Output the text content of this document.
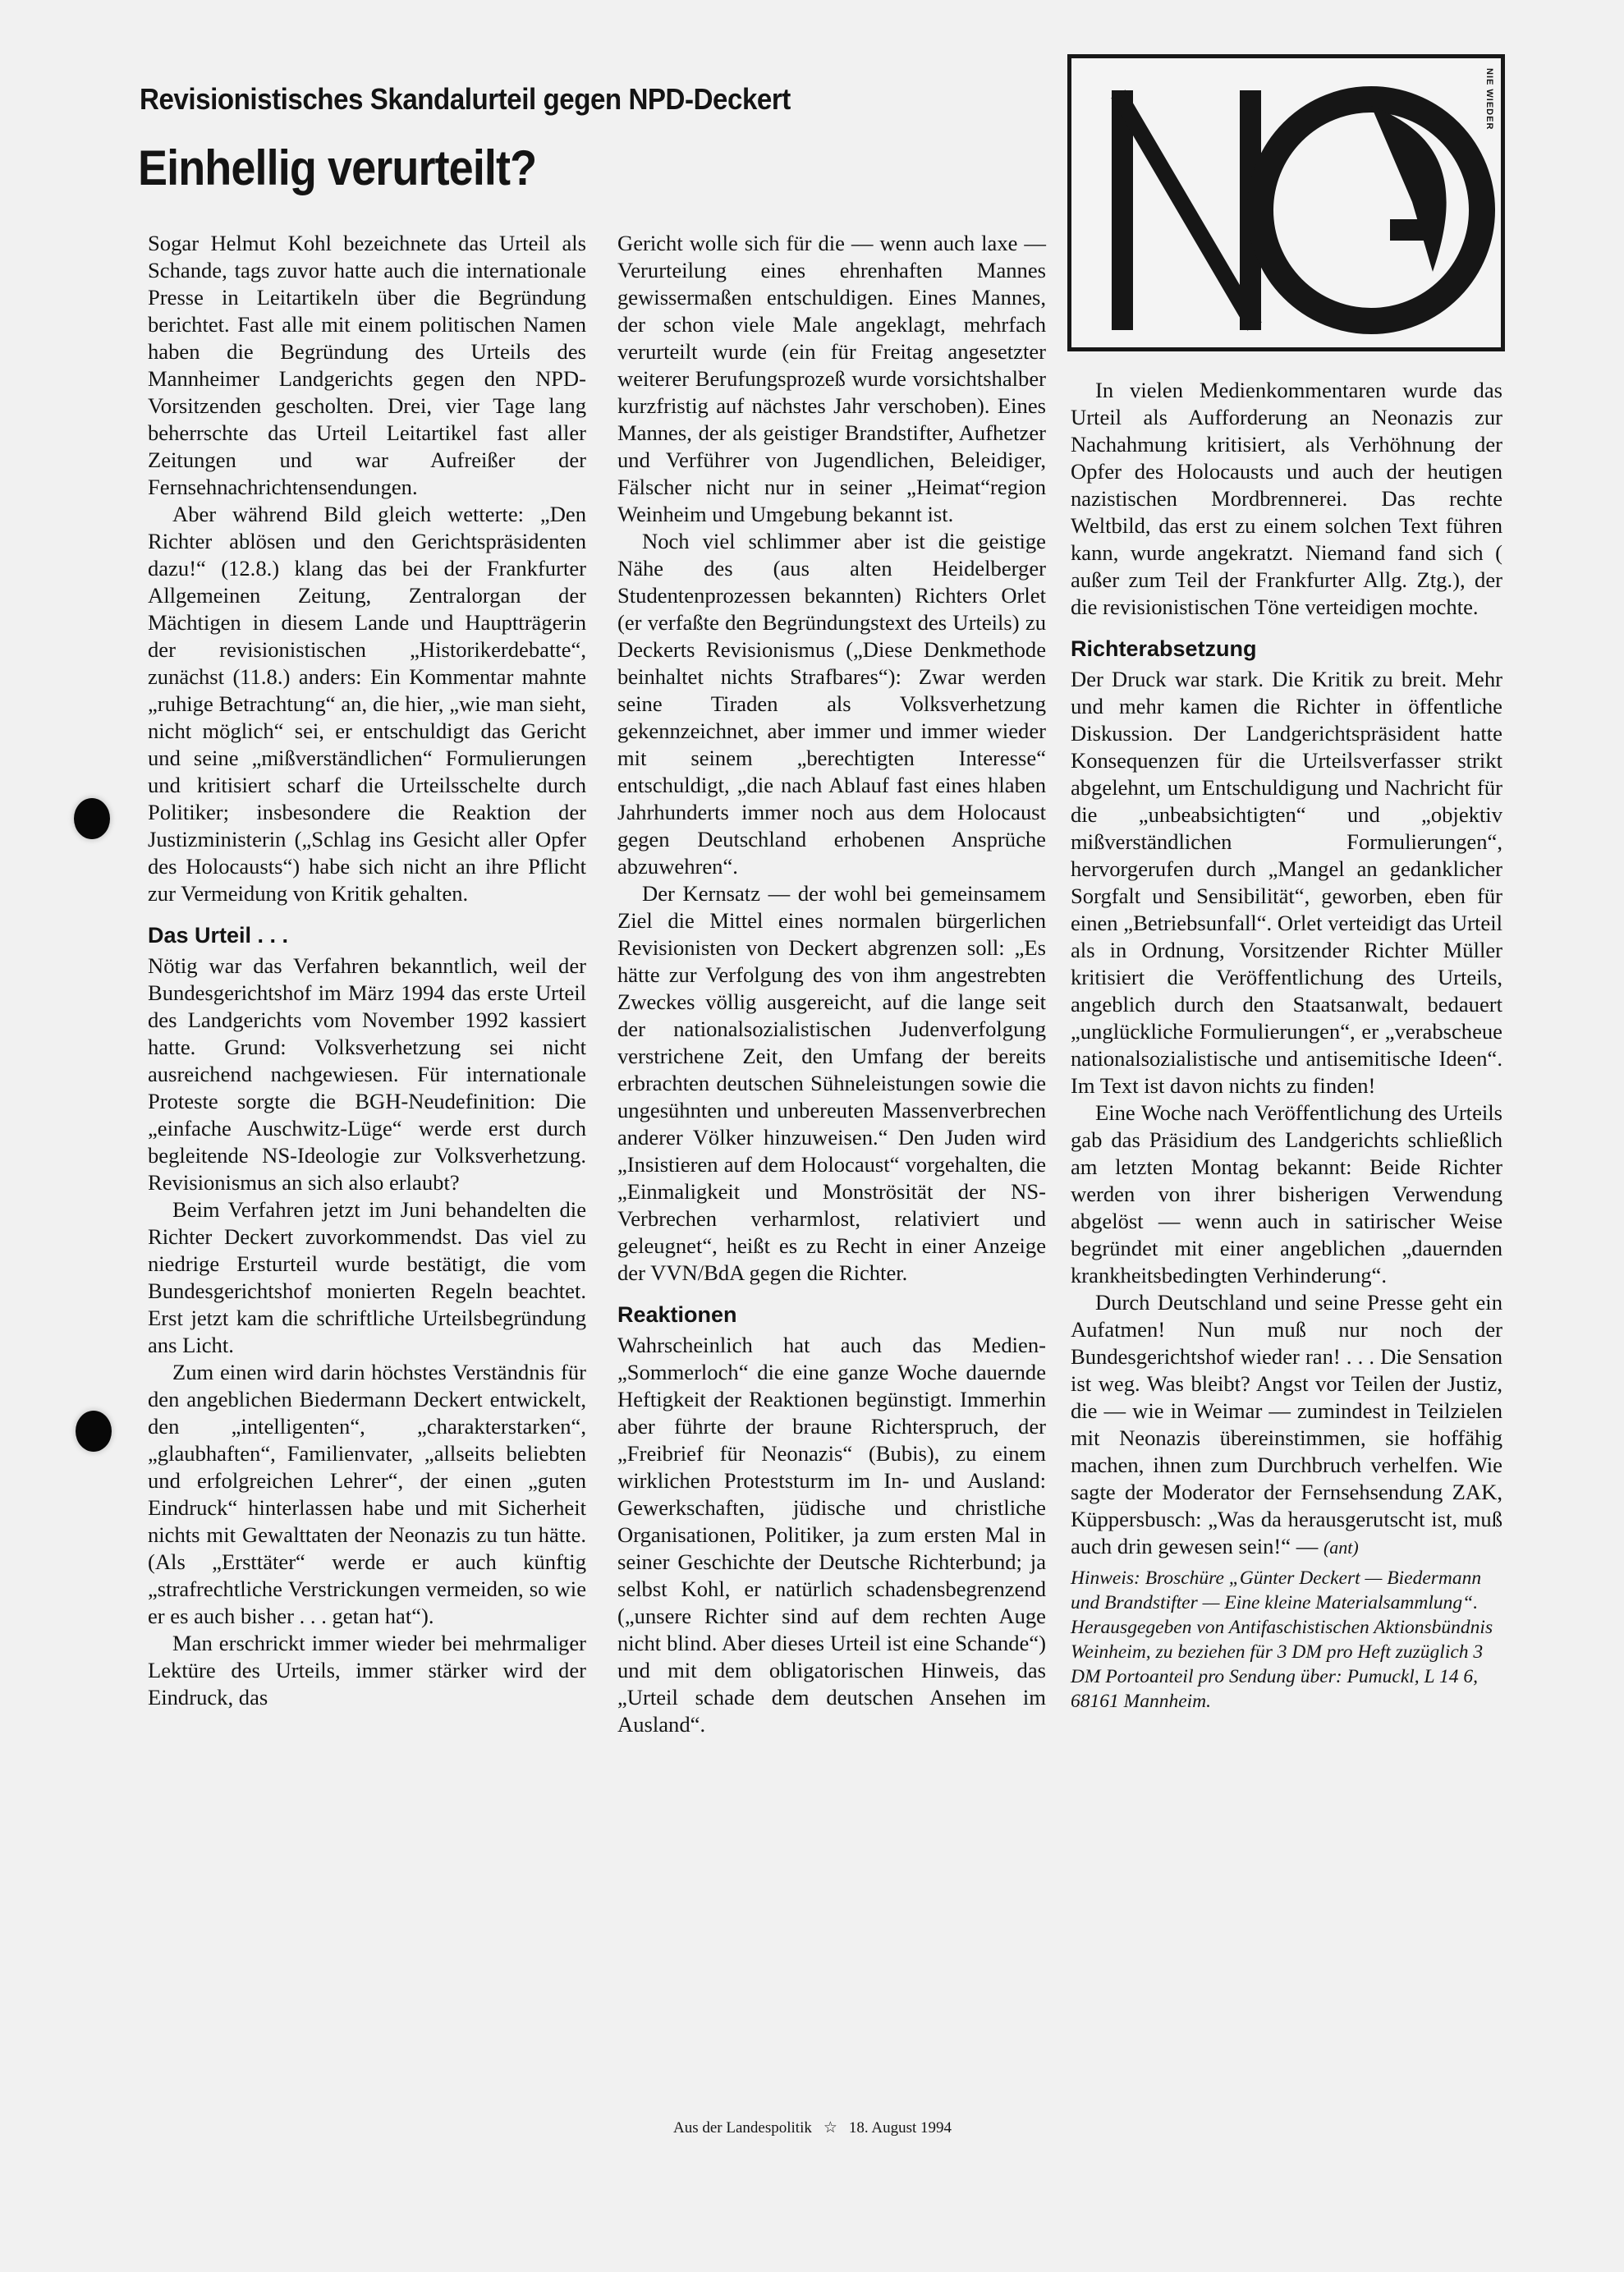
Revisionistisches Skandalurteil gegen NPD-Deckert
Einhellig verurteilt?

Sogar Helmut Kohl bezeichnete das Urteil als Schande, tags zuvor hatte auch die internationale Presse in Leitartikeln über die Begründung berichtet. Fast alle mit einem politischen Namen haben die Begründung des Urteils des Mannheimer Landgerichts gegen den NPD-Vorsitzenden gescholten. Drei, vier Tage lang beherrschte das Urteil Leitartikel fast aller Zeitungen und war Aufreißer der Fernsehnachrichtensendungen.

Aber während Bild gleich wetterte: „Den Richter ablösen und den Gerichtspräsidenten dazu!“ (12.8.) klang das bei der Frankfurter Allgemeinen Zeitung, Zentralorgan der Mächtigen in diesem Lande und Hauptträgerin der revisionistischen „Historikerdebatte“, zunächst (11.8.) anders: Ein Kommentar mahnte „ruhige Betrachtung“ an, die hier, „wie man sieht, nicht möglich“ sei, er entschuldigt das Gericht und seine „mißverständlichen“ Formulierungen und kritisiert scharf die Urteilsschelte durch Politiker; insbesondere die Reaktion der Justizministerin („Schlag ins Gesicht aller Opfer des Holocausts“) habe sich nicht an ihre Pflicht zur Vermeidung von Kritik gehalten.

Das Urteil . . .

Nötig war das Verfahren bekanntlich, weil der Bundesgerichtshof im März 1994 das erste Urteil des Landgerichts vom November 1992 kassiert hatte. Grund: Volksverhetzung sei nicht ausreichend nachgewiesen. Für internationale Proteste sorgte die BGH-Neudefinition: Die „einfache Auschwitz-Lüge“ werde erst durch begleitende NS-Ideologie zur Volksverhetzung. Revisionismus an sich also erlaubt?

Beim Verfahren jetzt im Juni behandelten die Richter Deckert zuvorkommendst. Das viel zu niedrige Ersturteil wurde bestätigt, die vom Bundesgerichtshof monierten Regeln beachtet. Erst jetzt kam die schriftliche Urteilsbegründung ans Licht.

Zum einen wird darin höchstes Verständnis für den angeblichen Biedermann Deckert entwickelt, den „intelligenten“, „charakterstarken“, „glaubhaften“, Familienvater, „allseits beliebten und erfolgreichen Lehrer“, der einen „guten Eindruck“ hinterlassen habe und mit Sicherheit nichts mit Gewalttaten der Neonazis zu tun hätte. (Als „Ersttäter“ werde er auch künftig „strafrechtliche Verstrickungen vermeiden, so wie er es auch bisher . . . getan hat“).

Man erschrickt immer wieder bei mehrmaliger Lektüre des Urteils, immer stärker wird der Eindruck, das

Gericht wolle sich für die — wenn auch laxe — Verurteilung eines ehrenhaften Mannes gewissermaßen entschuldigen. Eines Mannes, der schon viele Male angeklagt, mehrfach verurteilt wurde (ein für Freitag angesetzter weiterer Berufungsprozeß wurde vorsichtshalber kurzfristig auf nächstes Jahr verschoben). Eines Mannes, der als geistiger Brandstifter, Aufhetzer und Verführer von Jugendlichen, Beleidiger, Fälscher nicht nur in seiner „Heimat“region Weinheim und Umgebung bekannt ist.

Noch viel schlimmer aber ist die geistige Nähe des (aus alten Heidelberger Studentenprozessen bekannten) Richters Orlet (er verfaßte den Begründungstext des Urteils) zu Deckerts Revisionismus („Diese Denkmethode beinhaltet nichts Strafbares“): Zwar werden seine Tiraden als Volksverhetzung gekennzeichnet, aber immer und immer wieder mit seinem „berechtigten Interesse“ entschuldigt, „die nach Ablauf fast eines hlaben Jahrhunderts immer noch aus dem Holocaust gegen Deutschland erhobenen Ansprüche abzuwehren“.

Der Kernsatz — der wohl bei gemeinsamem Ziel die Mittel eines normalen bürgerlichen Revisionisten von Deckert abgrenzen soll: „Es hätte zur Verfolgung des von ihm angestrebten Zweckes völlig ausgereicht, auf die lange seit der nationalsozialistischen Judenverfolgung verstrichene Zeit, den Umfang der bereits erbrachten deutschen Sühneleistungen sowie die ungesühnten und unbereuten Massenverbrechen anderer Völker hinzuweisen.“ Den Juden wird „Insistieren auf dem Holocaust“ vorgehalten, die „Einmaligkeit und Monströsität der NS-Verbrechen verharmlost, relativiert und geleugnet“, heißt es zu Recht in einer Anzeige der VVN/BdA gegen die Richter.

Reaktionen

Wahrscheinlich hat auch das Medien-„Sommerloch“ die eine ganze Woche dauernde Heftigkeit der Reaktionen begünstigt. Immerhin aber führte der braune Richterspruch, der „Freibrief für Neonazis“ (Bubis), zu einem wirklichen Proteststurm im In- und Ausland: Gewerkschaften, jüdische und christliche Organisationen, Politiker, ja zum ersten Mal in seiner Geschichte der Deutsche Richterbund; ja selbst Kohl, er natürlich schadensbegrenzend („unsere Richter sind auf dem rechten Auge nicht blind. Aber dieses Urteil ist eine Schande“) und mit dem obligatorischen Hinweis, das „Urteil schade dem deutschen Ansehen im Ausland“.

NIE WIEDER

In vielen Medienkommentaren wurde das Urteil als Aufforderung an Neonazis zur Nachahmung kritisiert, als Verhöhnung der Opfer des Holocausts und auch der heutigen nazistischen Mordbrennerei. Das rechte Weltbild, das erst zu einem solchen Text führen kann, wurde angekratzt. Niemand fand sich ( außer zum Teil der Frankfurter Allg. Ztg.), der die revisionistischen Töne verteidigen mochte.

Richterabsetzung

Der Druck war stark. Die Kritik zu breit. Mehr und mehr kamen die Richter in öffentliche Diskussion. Der Landgerichtspräsident hatte Konsequenzen für die Urteilsverfasser strikt abgelehnt, um Entschuldigung und Nachricht für die „unbeabsichtigten“ und „objektiv mißverständlichen Formulierungen“, hervorgerufen durch „Mangel an gedanklicher Sorgfalt und Sensibilität“, geworben, eben für einen „Betriebsunfall“. Orlet verteidigt das Urteil als in Ordnung, Vorsitzender Richter Müller kritisiert die Veröffentlichung des Urteils, angeblich durch den Staatsanwalt, bedauert „unglückliche Formulierungen“, er „verabscheue nationalsozialistische und antisemitische Ideen“. Im Text ist davon nichts zu finden!

Eine Woche nach Veröffentlichung des Urteils gab das Präsidium des Landgerichts schließlich am letzten Montag bekannt: Beide Richter werden von ihrer bisherigen Verwendung abgelöst — wenn auch in satirischer Weise begründet mit einer angeblichen „dauernden krankheitsbedingten Verhinderung“.

Durch Deutschland und seine Presse geht ein Aufatmen! Nun muß nur noch der Bundesgerichtshof wieder ran! . . . Die Sensation ist weg. Was bleibt? Angst vor Teilen der Justiz, die — wie in Weimar — zumindest in Teilzielen mit Neonazis übereinstimmen, sie hoffähig machen, ihnen zum Durchbruch verhelfen. Wie sagte der Moderator der Fernsehsendung ZAK, Küppersbusch: „Was da herausgerutscht ist, muß auch drin gewesen sein!“ — (ant)

Hinweis: Broschüre „Günter Deckert — Biedermann und Brandstifter — Eine kleine Materialsammlung“. Herausgegeben von Antifaschistischen Aktionsbündnis Weinheim, zu beziehen für 3 DM pro Heft zuzüglich 3 DM Portoanteil pro Sendung über: Pumuckl, L 14 6, 68161 Mannheim.

Aus der Landespolitik ☆ 18. August 1994
